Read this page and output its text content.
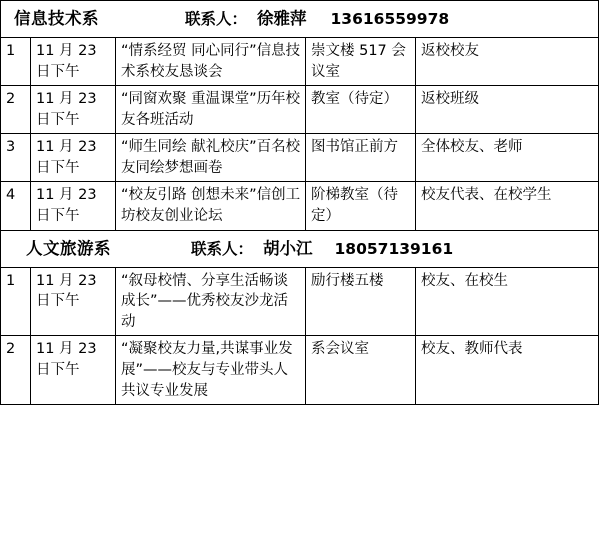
信息技术系 联系人： 徐雅萍 13616559978				

1	11 月 23 日下午	“情系经贸 同心同行”信息技术系校友恳谈会	崇文楼 517 会议室	返校校友
2	11 月 23 日下午	“同窗欢聚 重温课堂”历年校友各班活动	教室（待定）	返校班级
3	11 月 23 日下午	“师生同绘 献礼校庆”百名校友同绘梦想画卷	图书馆正前方	全体校友、老师
4	11 月 23 日下午	“校友引路 创想未来”信创工坊校友创业论坛	阶梯教室（待定）	校友代表、在校学生

人文旅游系 联系人： 胡小江 18057139161				

1	11 月 23 日下午	“叙母校情、分享生活畅谈成长”——优秀校友沙龙活动	励行楼五楼	校友、在校生
2	11 月 23 日下午	“凝聚校友力量,共谋事业发展”——校友与专业带头人共议专业发展	系会议室	校友、教师代表
